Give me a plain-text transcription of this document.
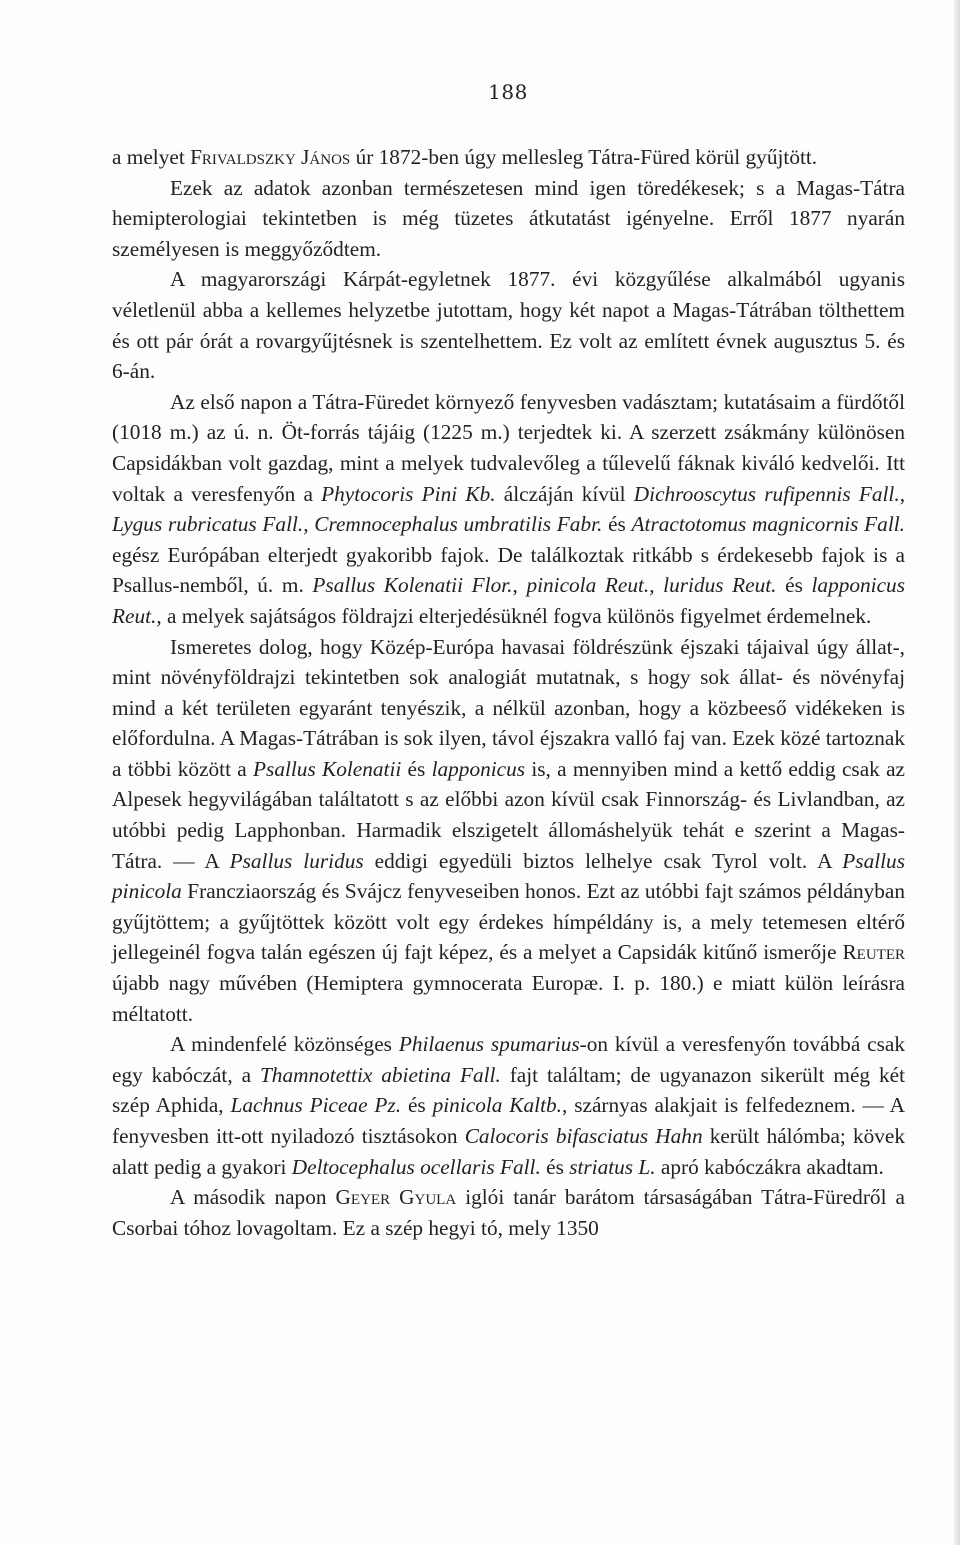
188

a melyet Frivaldszky János úr 1872-ben úgy mellesleg Tátra-Füred körül gyűjtött.

Ezek az adatok azonban természetesen mind igen töredékesek; s a Magas-Tátra hemipterologiai tekintetben is még tüzetes átkutatást igényelne. Erről 1877 nyarán személyesen is meggyőződtem.

A magyarországi Kárpát-egyletnek 1877. évi közgyűlése alkalmából ugyanis véletlenül abba a kellemes helyzetbe jutottam, hogy két napot a Magas-Tátrában tölthettem és ott pár órát a rovargyűjtésnek is szentelhettem. Ez volt az említett évnek augusztus 5. és 6-án.

Az első napon a Tátra-Füredet környező fenyvesben vadásztam; kutatásaim a fürdőtől (1018 m.) az ú. n. Öt-forrás tájáig (1225 m.) terjedtek ki. A szerzett zsákmány különösen Capsidákban volt gazdag, mint a melyek tudvalevőleg a tűlevelű fáknak kiváló kedvelői. Itt voltak a veresfenyőn a Phytocoris Pini Kb. álczáján kívül Dichrooscytus rufipennis Fall., Lygus rubricatus Fall., Cremnocephalus umbratilis Fabr. és Atractotomus magnicornis Fall. egész Európában elterjedt gyakoribb fajok. De találkoztak ritkább s érdekesebb fajok is a Psallus-nemből, ú. m. Psallus Kolenatii Flor., pinicola Reut., luridus Reut. és lapponicus Reut., a melyek sajátságos földrajzi elterjedésüknél fogva különös figyelmet érdemelnek.

Ismeretes dolog, hogy Közép-Európa havasai földrészünk éjszaki tájaival úgy állat-, mint növényföldrajzi tekintetben sok analogiát mutatnak, s hogy sok állat- és növényfaj mind a két területen egyaránt tenyészik, a nélkül azonban, hogy a közbeeső vidékeken is előfordulna. A Magas-Tátrában is sok ilyen, távol éjszakra valló faj van. Ezek közé tartoznak a többi között a Psallus Kolenatii és lapponicus is, a mennyiben mind a kettő eddig csak az Alpesek hegyvilágában találtatott s az előbbi azon kívül csak Finnország- és Livlandban, az utóbbi pedig Lapphonban. Harmadik elszigetelt állomáshelyük tehát e szerint a Magas-Tátra. — A Psallus luridus eddigi egyedüli biztos lelhelye csak Tyrol volt. A Psallus pinicola Francziaország és Svájcz fenyveseiben honos. Ezt az utóbbi fajt számos példányban gyűjtöttem; a gyűjtöttek között volt egy érdekes hímpéldány is, a mely tetemesen eltérő jellegeinél fogva talán egészen új fajt képez, és a melyet a Capsidák kitűnő ismerője Reuter újabb nagy művében (Hemiptera gymnocerata Europæ. I. p. 180.) e miatt külön leírásra méltatott.

A mindenfelé közönséges Philaenus spumarius-on kívül a veresfenyőn továbbá csak egy kabóczát, a Thamnotettix abietina Fall. fajt találtam; de ugyanazon sikerült még két szép Aphida, Lachnus Piceae Pz. és pinicola Kaltb., szárnyas alakjait is felfedeznem. — A fenyvesben itt-ott nyiladozó tisztásokon Calocoris bifasciatus Hahn került hálómba; kövek alatt pedig a gyakori Deltocephalus ocellaris Fall. és striatus L. apró kabóczákra akadtam.

A második napon Geyer Gyula iglói tanár barátom társaságában Tátra-Füredről a Csorbai tóhoz lovagoltam. Ez a szép hegyi tó, mely 1350
